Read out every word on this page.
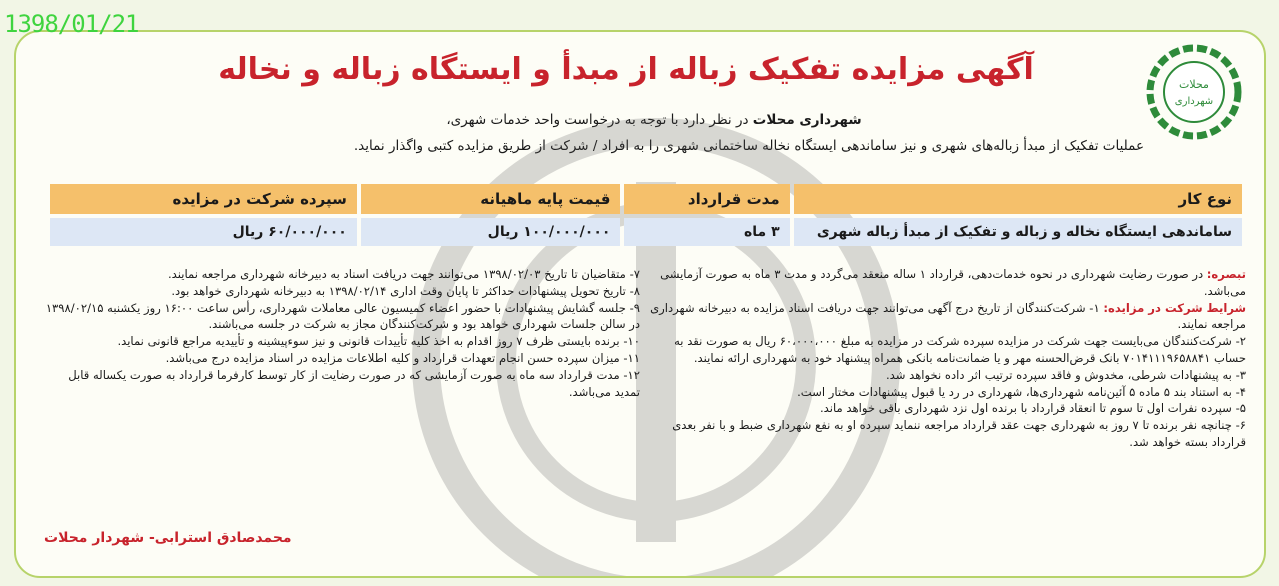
1398/01/21
محلات
شهرداری
آگهی مزایده تفکیک زباله از مبدأ و ایستگاه زباله و نخاله
شهرداری محلات در نظر دارد با توجه به درخواست واحد خدمات شهری،
عملیات تفکیک از مبدأ زباله‌های شهری و نیز ساماندهی ایستگاه نخاله ساختمانی شهری را به افراد / شرکت از طریق مزایده کتبی واگذار نماید.
نوع کار	مدت قرارداد	قیمت پایه ماهیانه	سپرده شرکت در مزایده
ساماندهی ایستگاه نخاله و زباله و تفکیک از مبدأ زباله شهری	۳ ماه	۱۰۰/۰۰۰/۰۰۰ ریال	۶۰/۰۰۰/۰۰۰ ریال

تبصره: در صورت رضایت شهرداری در نحوه خدمات‌دهی، قرارداد ۱ ساله منعقد می‌گردد و مدت ۳ ماه به صورت آزمایشی می‌باشد.

شرایط شرکت در مزایده: ۱- شرکت‌کنندگان از تاریخ درج آگهی می‌توانند جهت دریافت اسناد مزایده به دبیرخانه شهرداری مراجعه نمایند.

۲- شرکت‌کنندگان می‌بایست جهت شرکت در مزایده سپرده شرکت در مزایده به مبلغ ۶۰،۰۰۰،۰۰۰ ریال به صورت نقد به حساب ۷۰۱۴۱۱۱۹۶۵۸۸۴۱ بانک قرض‌الحسنه مهر و یا ضمانت‌نامه بانکی همراه پیشنهاد خود به شهرداری ارائه نمایند.

۳- به پیشنهادات شرطی، مخدوش و فاقد سپرده ترتیب اثر داده نخواهد شد.

۴- به استناد بند ۵ ماده ۵ آئین‌نامه شهرداری‌ها، شهرداری در رد یا قبول پیشنهادات مختار است.

۵- سپرده نفرات اول تا سوم تا انعقاد قرارداد با برنده اول نزد شهرداری باقی خواهد ماند.

۶- چنانچه نفر برنده تا ۷ روز به شهرداری جهت عقد قرارداد مراجعه ننماید سپرده او به نفع شهرداری ضبط و با نفر بعدی قرارداد بسته خواهد شد.

۷- متقاضیان تا تاریخ ۱۳۹۸/۰۲/۰۳ می‌توانند جهت دریافت اسناد به دبیرخانه شهرداری مراجعه نمایند.

۸- تاریخ تحویل پیشنهادات حداکثر تا پایان وقت اداری ۱۳۹۸/۰۲/۱۴ به دبیرخانه شهرداری خواهد بود.

۹- جلسه گشایش پیشنهادات با حضور اعضاء کمیسیون عالی معاملات شهرداری، رأس ساعت ۱۶:۰۰ روز یکشنبه ۱۳۹۸/۰۲/۱۵ در سالن جلسات شهرداری خواهد بود و شرکت‌کنندگان مجاز به شرکت در جلسه می‌باشند.

۱۰- برنده بایستی ظرف ۷ روز اقدام به اخذ کلیه تأییدات قانونی و نیز سوءپیشینه و تأییدیه مراجع قانونی نماید.

۱۱- میزان سپرده حسن انجام تعهدات قرارداد و کلیه اطلاعات مزایده در اسناد مزایده درج می‌باشد.

۱۲- مدت قرارداد سه ماه به صورت آزمایشی که در صورت رضایت از کار توسط کارفرما قرارداد به صورت یکساله قابل تمدید می‌باشد.

محمدصادق استرابی- شهردار محلات
